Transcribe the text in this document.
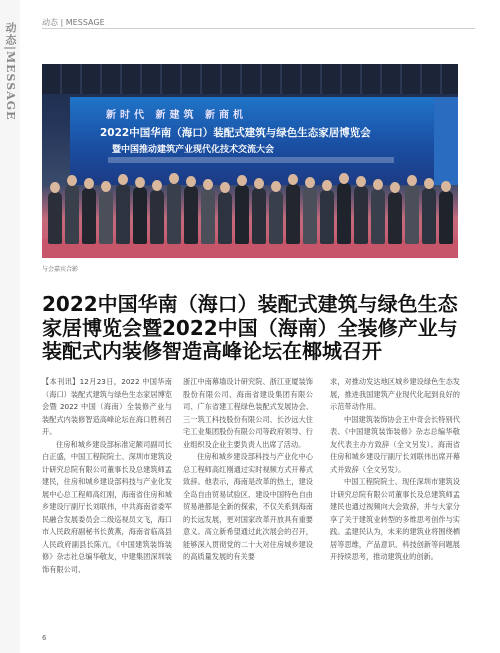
动态|MESSAGE	动态 | MESSAGE
新时代 新建筑 新商机
2022中国华南（海口）装配式建筑与绿色生态家居博览会
暨中国推动建筑产业现代化技术交流大会
与会嘉宾合影
2022中国华南（海口）装配式建筑与绿色生态家居博览会暨2022中国（海南）全装修产业与装配式内装修智造高峰论坛在椰城召开

【本刊讯】12月23日，2022 中国华南（海口）装配式建筑与绿色生态家居博览会暨 2022 中国（海南）全装修产业与装配式内装修智造高峰论坛在海口胜利召开。

住房和城乡建设部标准定额司副司长白正盛，中国工程院院士、深圳市建筑设计研究总院有限公司董事长及总建筑师孟建民，住房和城乡建设部科技与产业化发展中心总工程师高红刚，海南省住房和城乡建设厅副厅长刘联伟，中共海南省委军民融合发展委员会二级巡视员文飞，海口市人民政府副秘书长黄燕，海南省临高县人民政府副县长陈亢，《中国建筑装饰装修》杂志社总编华敬友，中建集团深圳装饰有限公司、

浙江中南幕墙设计研究院、浙江亚厦装饰股份有限公司、海南省建设集团有限公司、广东省建工程绿色装配式发展协会、三一筑工科技股份有限公司、长沙远大住宅工业集团股份有限公司等政府领导、行业组织及企业主要负责人出席了活动。

住房和城乡建设部科技与产业化中心总工程师高红刚通过实时视频方式开幕式致辞。他表示，海南是改革的热土，建设全岛自由贸易试验区、建设中国特色自由贸易港都是全新的探索，不仅关系到海南的长远发展，更对国家改革开放具有重要意义。高立新希望通过此次展会的召开，能够深入贯彻党的二十大对住房城乡建设的高质量发展的有关要

求，对推动发达地区城乡建设绿色生态发展，推进我国建筑产业现代化起到良好的示范带动作用。

中国建筑装饰协会王中奇会长特别代表、《中国建筑装饰装修》杂志总编华敬友代表主办方致辞（全文另发）。海南省住房和城乡建设厅副厅长刘联伟出席开幕式并致辞（全文另发）。

中国工程院院士、现任深圳市建筑设计研究总院有限公司董事长及总建筑师孟建民也通过视频向大会致辞，并与大家分享了关于建筑业转型的多维思考创作与实践。孟建民认为，未来的建筑业将围绕栖居等思维，产品意识、科技创新等问题展开持续思考，推动建筑业的创新。

6
